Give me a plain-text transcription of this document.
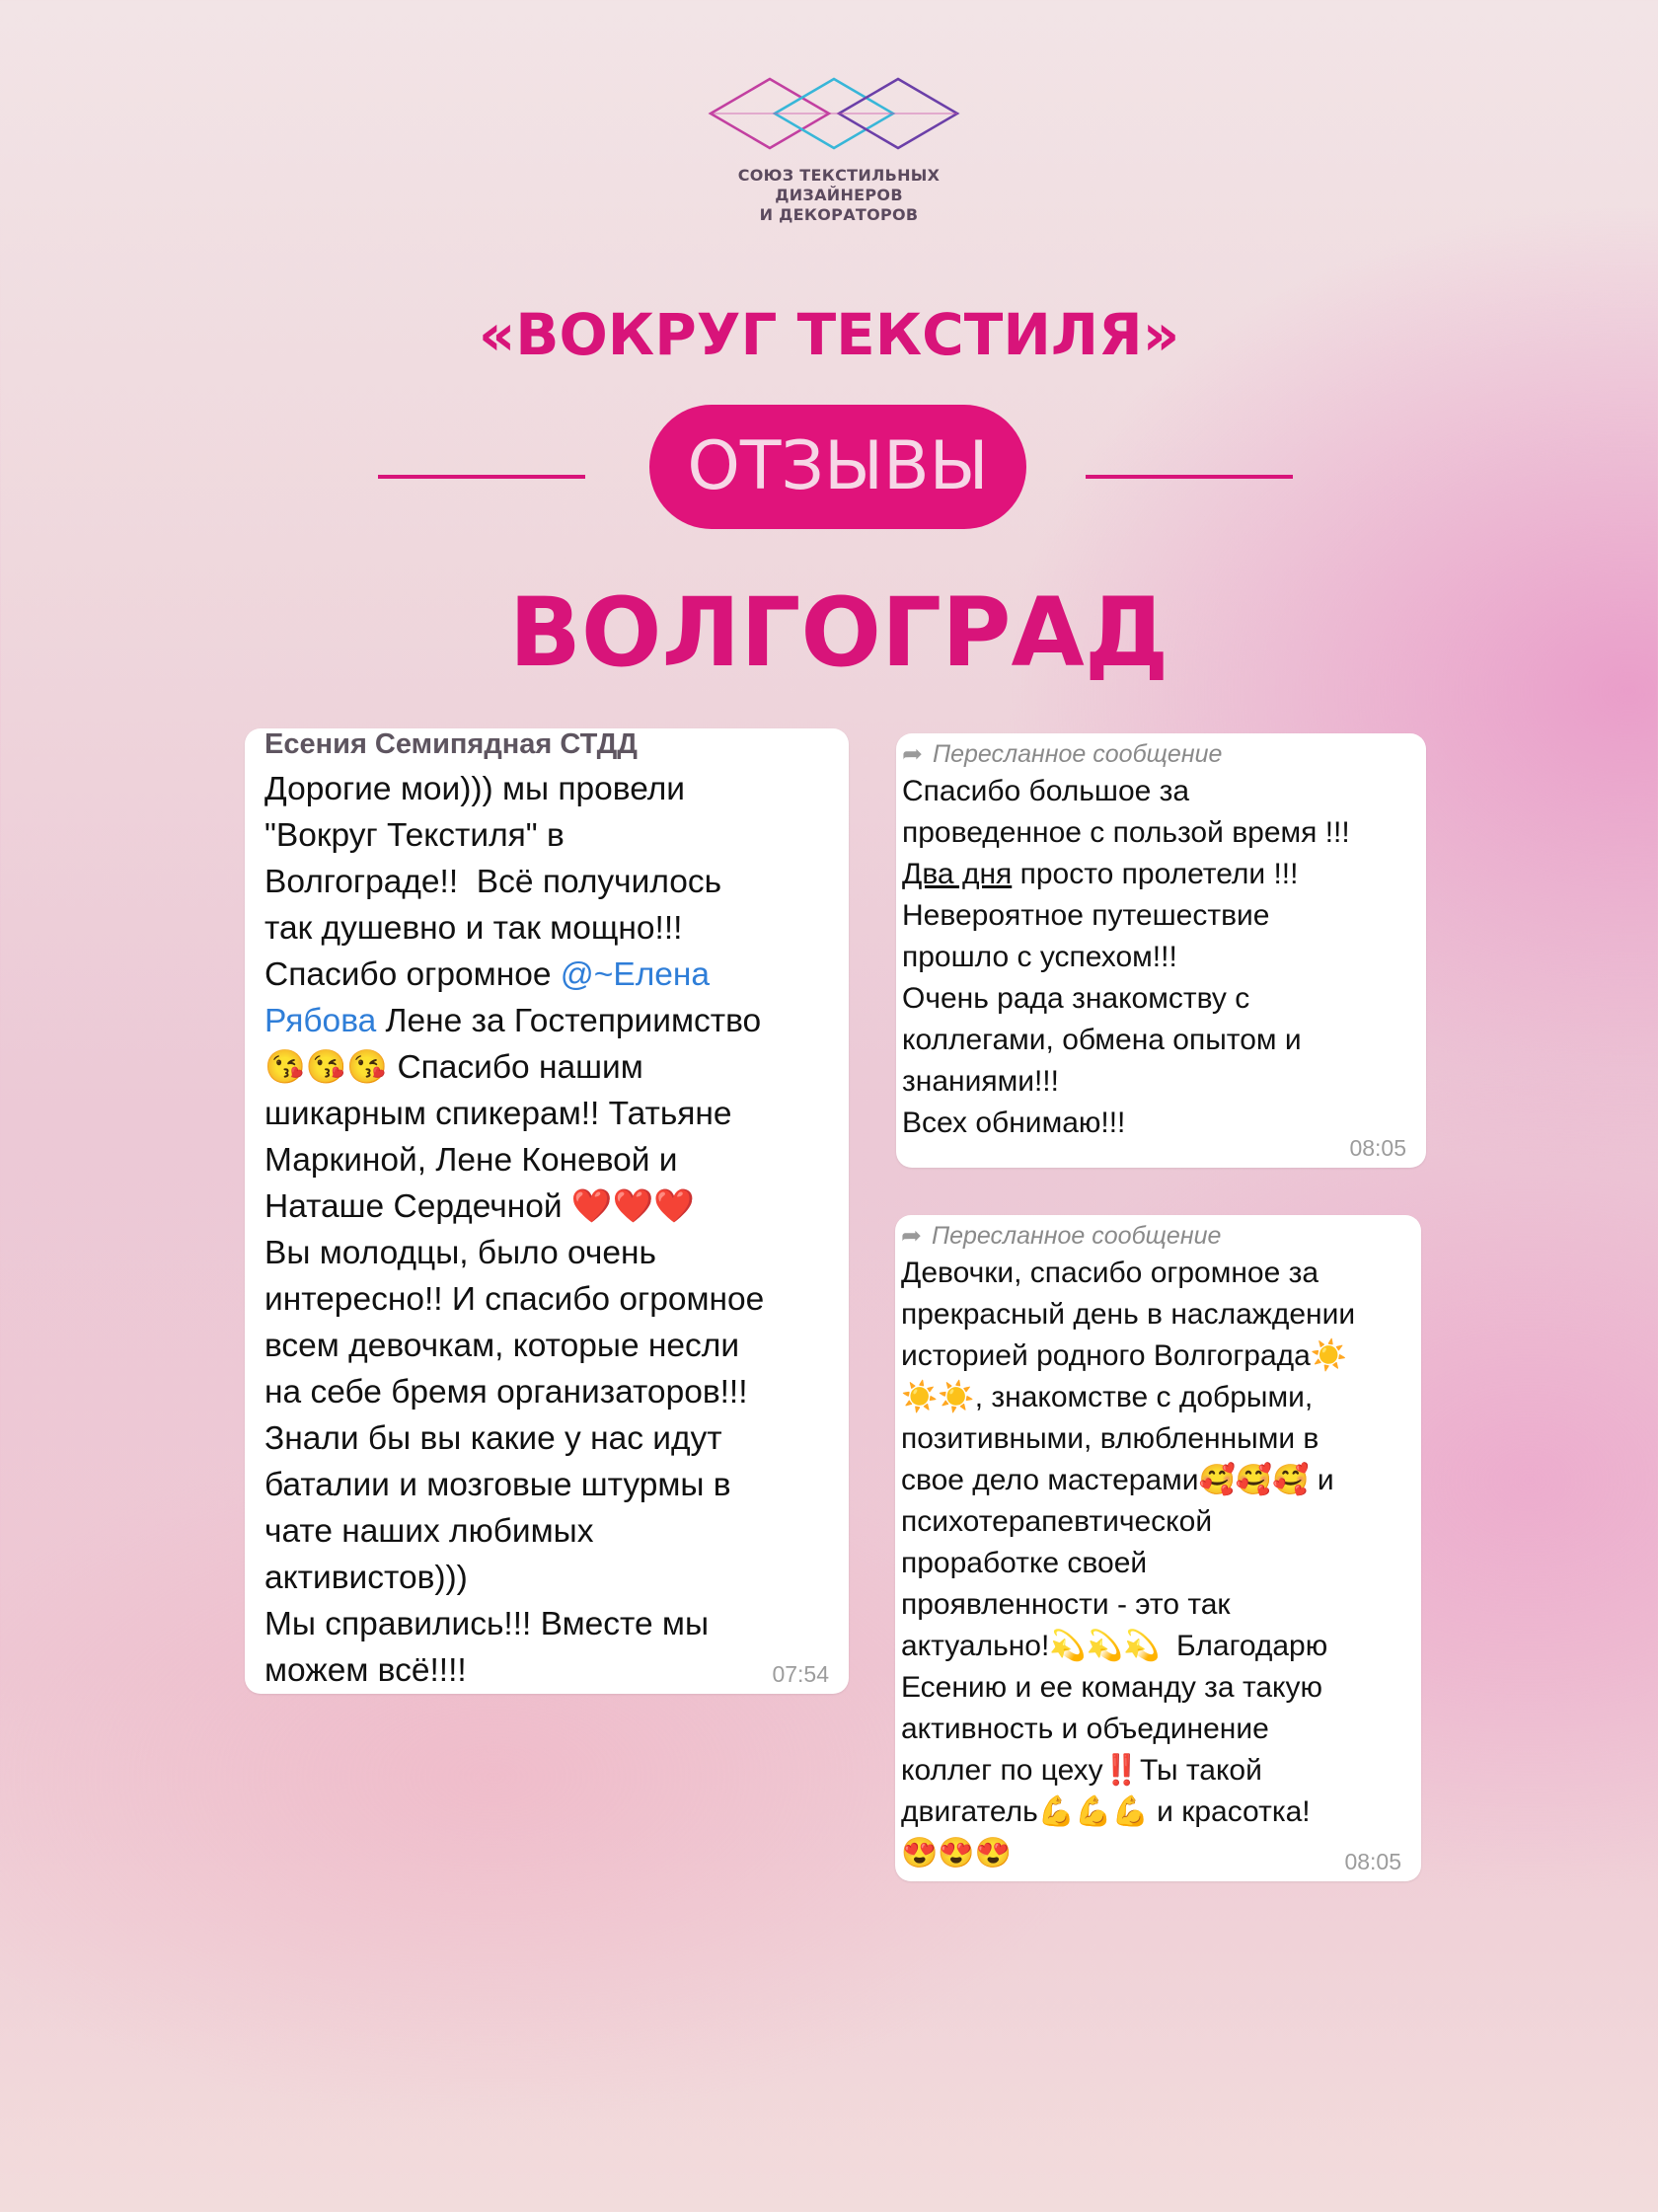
СОЮЗ ТЕКСТИЛЬНЫХ ДИЗАЙНЕРОВ
И ДЕКОРАТОРОВ
«ВОКРУГ ТЕКСТИЛЯ»
ОТЗЫВЫ
ВОЛГОГРАД
Есения Семипядная СТДД
Дорогие мои))) мы провели
"Вокруг Текстиля" в
Волгограде!!  Всё получилось
так душевно и так мощно!!!
Спасибо огромное @~Елена
Рябова Лене за Гостеприимство
😘😘😘 Спасибо нашим
шикарным спикерам!! Татьяне
Маркиной, Лене Коневой и
Наташе Сердечной ❤️❤️❤️
Вы молодцы, было очень
интересно!! И спасибо огромное
всем девочкам, которые несли
на себе бремя организаторов!!!
Знали бы вы какие у нас идут
баталии и мозговые штурмы в
чате наших любимых
активистов)))
Мы справились!!! Вместе мы
можем всё!!!!	07:54
➦ Пересланное сообщение
Спасибо большое за
проведенное с пользой время !!!
Два дня просто пролетели !!!
Невероятное путешествие
прошло с успехом!!!
Очень рада знакомству с
коллегами, обмена опытом и
знаниями!!!
Всех обнимаю!!!
08:05
➦ Пересланное сообщение
Девочки, спасибо огромное за
прекрасный день в наслаждении
историей родного Волгограда☀️
☀️☀️, знакомстве с добрыми,
позитивными, влюбленными в
свое дело мастерами🥰🥰🥰 и
психотерапевтической
проработке своей
проявленности - это так
актуально!💫💫💫  Благодарю
Есению и ее команду за такую
активность и объединение
коллег по цеху‼️Ты такой
двигатель💪💪💪 и красотка!
😍😍😍	08:05
